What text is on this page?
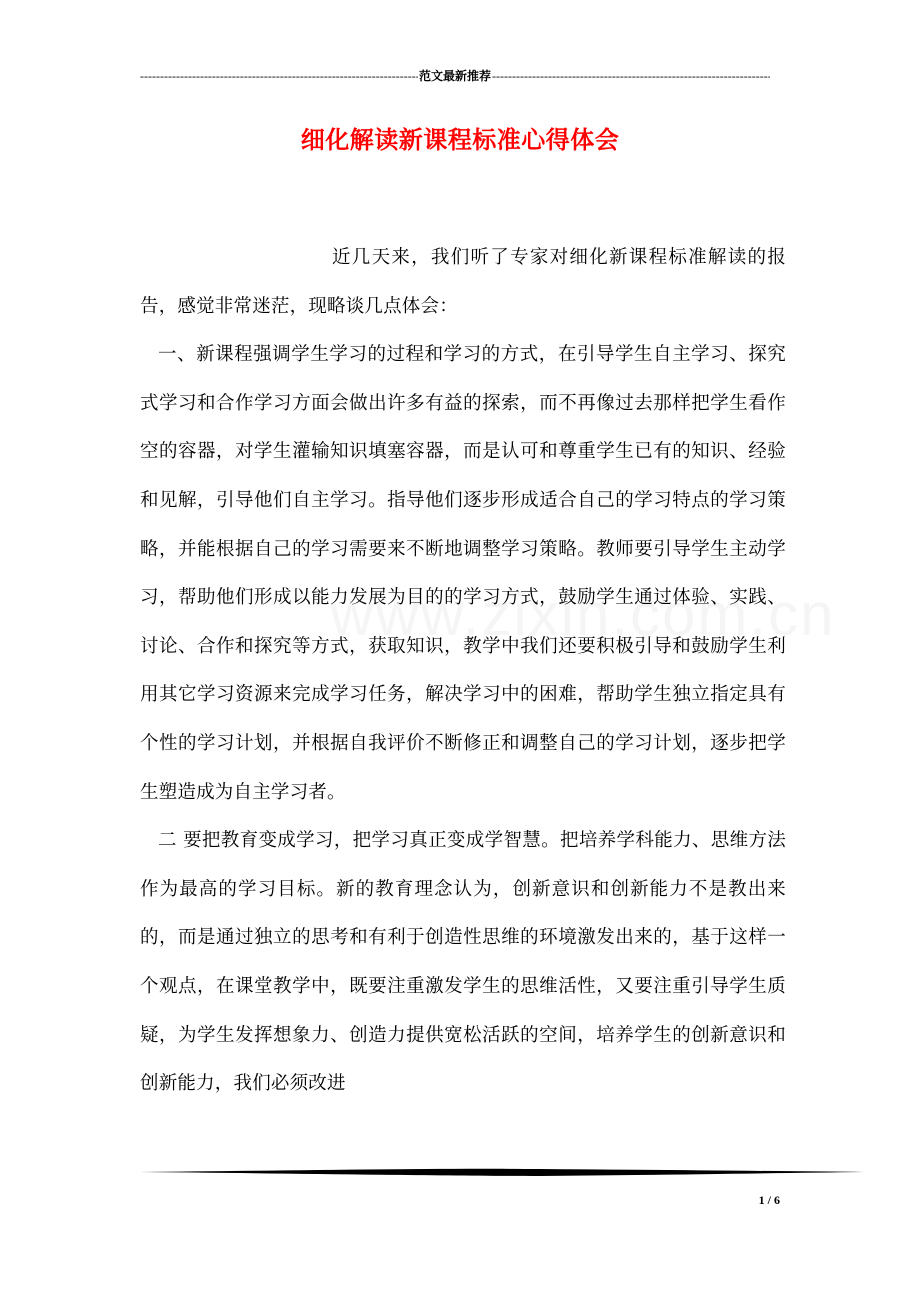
-----
范文最新推荐
-----
细化解读新课程标准心得体会

近几天来，我们听了专家对细化新课程标准解读的报告，感觉非常迷茫，现略谈几点体会：

一、新课程强调学生学习的过程和学习的方式，在引导学生自主学习、探究式学习和合作学习方面会做出许多有益的探索，而不再像过去那样把学生看作空的容器，对学生灌输知识填塞容器，而是认可和尊重学生已有的知识、经验和见解，引导他们自主学习。指导他们逐步形成适合自己的学习特点的学习策略，并能根据自己的学习需要来不断地调整学习策略。教师要引导学生主动学习，帮助他们形成以能力发展为目的的学习方式，鼓励学生通过体验、实践、讨论、合作和探究等方式，获取知识，教学中我们还要积极引导和鼓励学生利用其它学习资源来完成学习任务，解决学习中的困难，帮助学生独立指定具有个性的学习计划，并根据自我评价不断修正和调整自己的学习计划，逐步把学生塑造成为自主学习者。

二 要把教育变成学习，把学习真正变成学智慧。把培养学科能力、思维方法作为最高的学习目标。新的教育理念认为，创新意识和创新能力不是教出来的，而是通过独立的思考和有利于创造性思维的环境激发出来的，基于这样一个观点，在课堂教学中，既要注重激发学生的思维活性，又要注重引导学生质疑，为学生发挥想象力、创造力提供宽松活跃的空间，培养学生的创新意识和创新能力，我们必须改进

1 / 6
